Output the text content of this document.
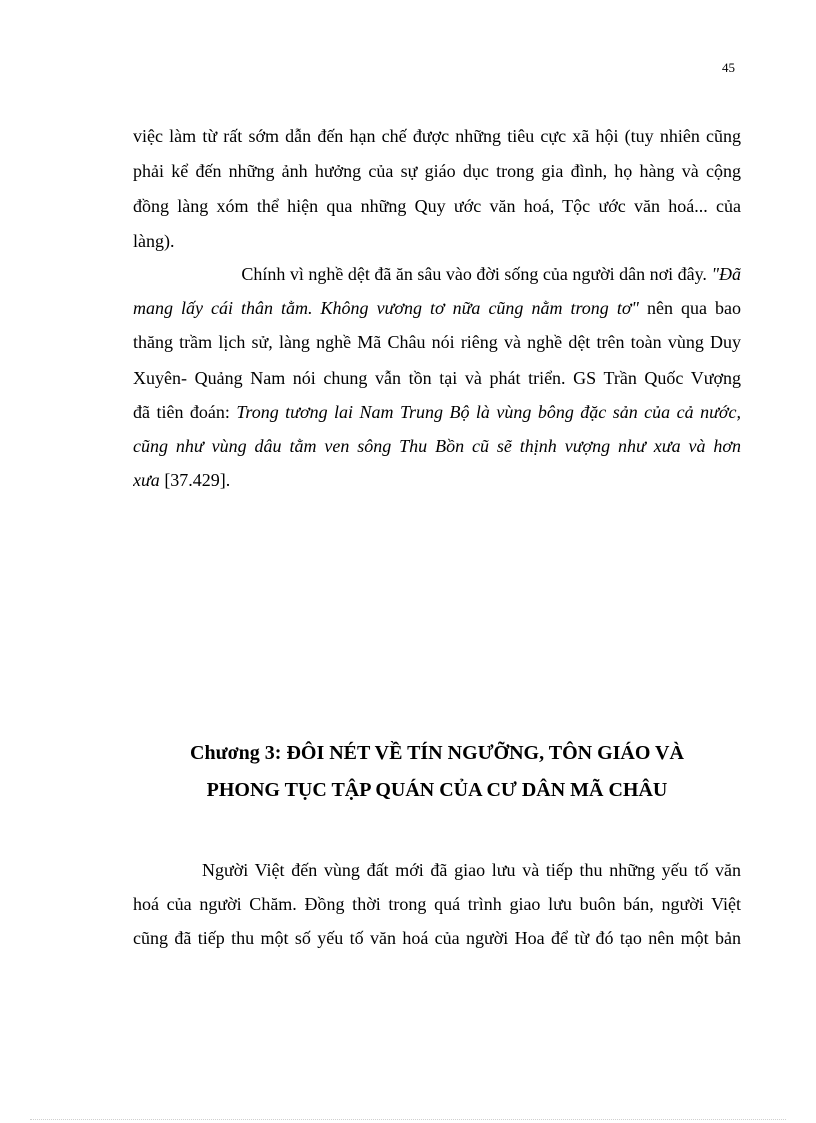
45
việc làm từ rất sớm dẫn đến hạn chế được những tiêu cực xã hội (tuy nhiên cũng
phải kể đến những ảnh hưởng của sự giáo dục trong gia đình, họ hàng và cộng
đồng làng xóm thể hiện qua những Quy ước văn hoá, Tộc ước văn hoá... của
làng).
Chính vì nghề dệt đã ăn sâu vào đời sống của người dân nơi đây. "Đã
mang lấy cái thân tằm. Không vương tơ nữa cũng nằm trong tơ" nên qua bao
thăng trầm lịch sử, làng nghề Mã Châu nói riêng và nghề dệt trên toàn vùng Duy
Xuyên- Quảng Nam nói chung vẫn tồn tại và phát triển. GS Trần Quốc Vượng
đã tiên đoán: Trong tương lai Nam Trung Bộ là vùng bông đặc sản của cả nước,
cũng như vùng dâu tằm ven sông Thu Bồn cũ sẽ thịnh vượng như xưa và hơn
xưa [37.429].
Chương 3: ĐÔI NÉT VỀ TÍN NGƯỠNG, TÔN GIÁO VÀ
PHONG TỤC TẬP QUÁN CỦA CƯ DÂN MÃ CHÂU
Người Việt đến vùng đất mới đã giao lưu và tiếp thu những yếu tố văn
hoá của người Chăm. Đồng thời trong quá trình giao lưu buôn bán, người Việt
cũng đã tiếp thu một số yếu tố văn hoá của người Hoa để từ đó tạo nên một bản
